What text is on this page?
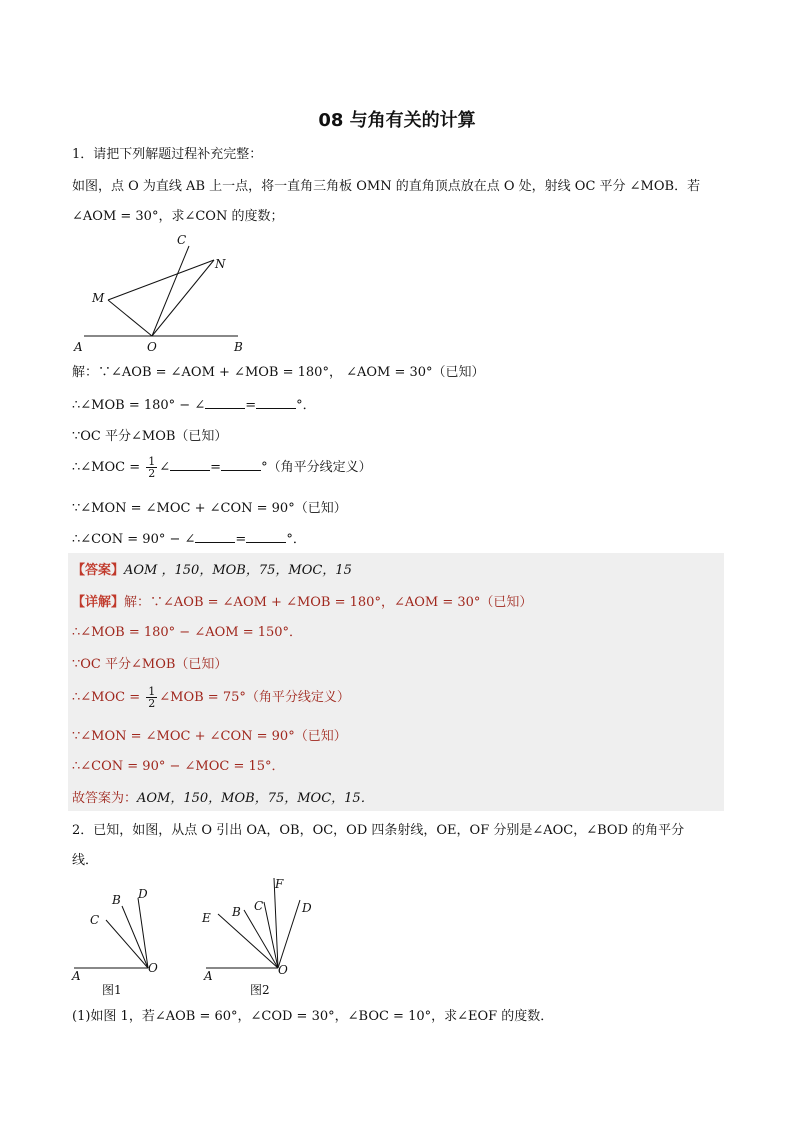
08 与角有关的计算
1．请把下列解题过程补充完整：
如图，点 O 为直线 AB 上一点，将一直角三角板 OMN 的直角顶点放在点 O 处，射线 OC 平分 ∠MOB．若
∠AOM = 30°，求∠CON 的度数；
A	O	B
M
N
C
解：∵∠AOB = ∠AOM + ∠MOB = 180°， ∠AOM = 30°（已知）
∴∠MOB = 180° − ∠	=	°．
∵OC 平分∠MOB（已知）
∴∠MOC = $\frac{1}{2}$ ∠	=	°（角平分线定义）
∵∠MON = ∠MOC + ∠CON = 90°（已知）
∴∠CON = 90° − ∠	=	°．
【答案】AOM ，150，MOB，75，MOC，15
【详解】解：∵∠AOB = ∠AOM + ∠MOB = 180°，∠AOM = 30°（已知）
∴∠MOB = 180° − ∠AOM = 150°．
∵OC 平分∠MOB（已知）
∴∠MOC = $\frac{1}{2}$ ∠MOB = 75°（角平分线定义）
∵∠MON = ∠MOC + ∠CON = 90°（已知）
∴∠CON = 90° − ∠MOC = 15°．
故答案为：AOM，150，MOB，75，MOC，15．
2．已知，如图，从点 O 引出 OA，OB，OC，OD 四条射线，OE，OF 分别是∠AOC，∠BOD 的角平分
线．
A
O
C
B D
图1
A	O
E B C
F
D
图2
(1)如图 1，若∠AOB = 60°，∠COD = 30°，∠BOC = 10°，求∠EOF 的度数．
